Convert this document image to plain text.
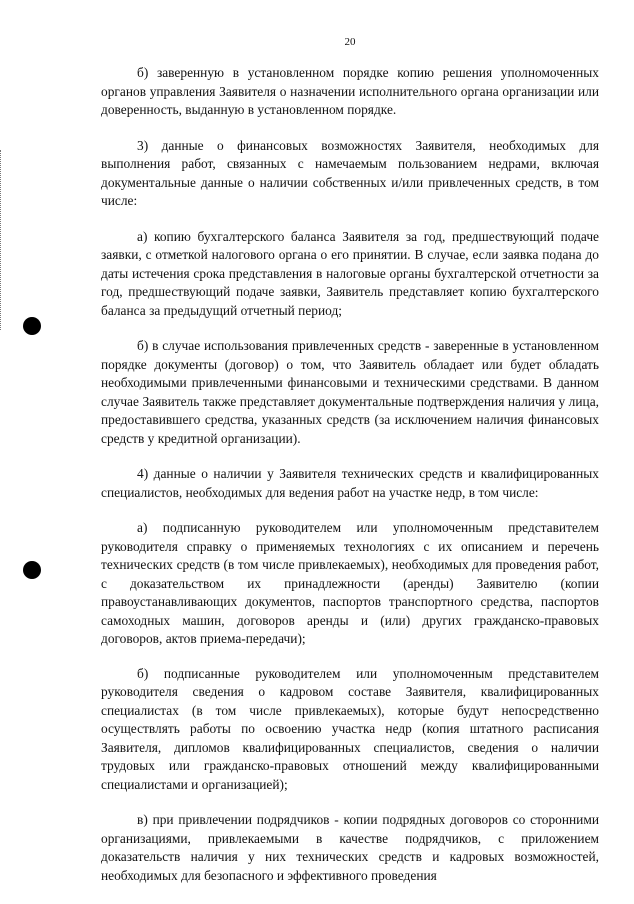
20

б) заверенную в установленном порядке копию решения уполномоченных органов управления Заявителя о назначении исполнительного органа организации или доверенность, выданную в установленном порядке.

3) данные о финансовых возможностях Заявителя, необходимых для выполнения работ, связанных с намечаемым пользованием недрами, включая документальные данные о наличии собственных и/или привлеченных средств, в том числе:

а) копию бухгалтерского баланса Заявителя за год, предшествующий подаче заявки, с отметкой налогового органа о его принятии. В случае, если заявка подана до даты истечения срока представления в налоговые органы бухгалтерской отчетности за год, предшествующий подаче заявки, Заявитель представляет копию бухгалтерского баланса за предыдущий отчетный период;

б) в случае использования привлеченных средств - заверенные в установленном порядке документы (договор) о том, что Заявитель обладает или будет обладать необходимыми привлеченными финансовыми и техническими средствами. В данном случае Заявитель также представляет документальные подтверждения наличия у лица, предоставившего средства, указанных средств (за исключением наличия финансовых средств у кредитной организации).

4) данные о наличии у Заявителя технических средств и квалифицированных специалистов, необходимых для ведения работ на участке недр, в том числе:

а) подписанную руководителем или уполномоченным представителем руководителя справку о применяемых технологиях с их описанием и перечень технических средств (в том числе привлекаемых), необходимых для проведения работ, с доказательством их принадлежности (аренды) Заявителю (копии правоустанавливающих документов, паспортов транспортного средства, паспортов самоходных машин, договоров аренды и (или) других гражданско-правовых договоров, актов приема-передачи);

б) подписанные руководителем или уполномоченным представителем руководителя сведения о кадровом составе Заявителя, квалифицированных специалистах (в том числе привлекаемых), которые будут непосредственно осуществлять работы по освоению участка недр (копия штатного расписания Заявителя, дипломов квалифицированных специалистов, сведения о наличии трудовых или гражданско-правовых отношений между квалифицированными специалистами и организацией);

в) при привлечении подрядчиков - копии подрядных договоров со сторонними организациями, привлекаемыми в качестве подрядчиков, с приложением доказательств наличия у них технических средств и кадровых возможностей, необходимых для безопасного и эффективного проведения
